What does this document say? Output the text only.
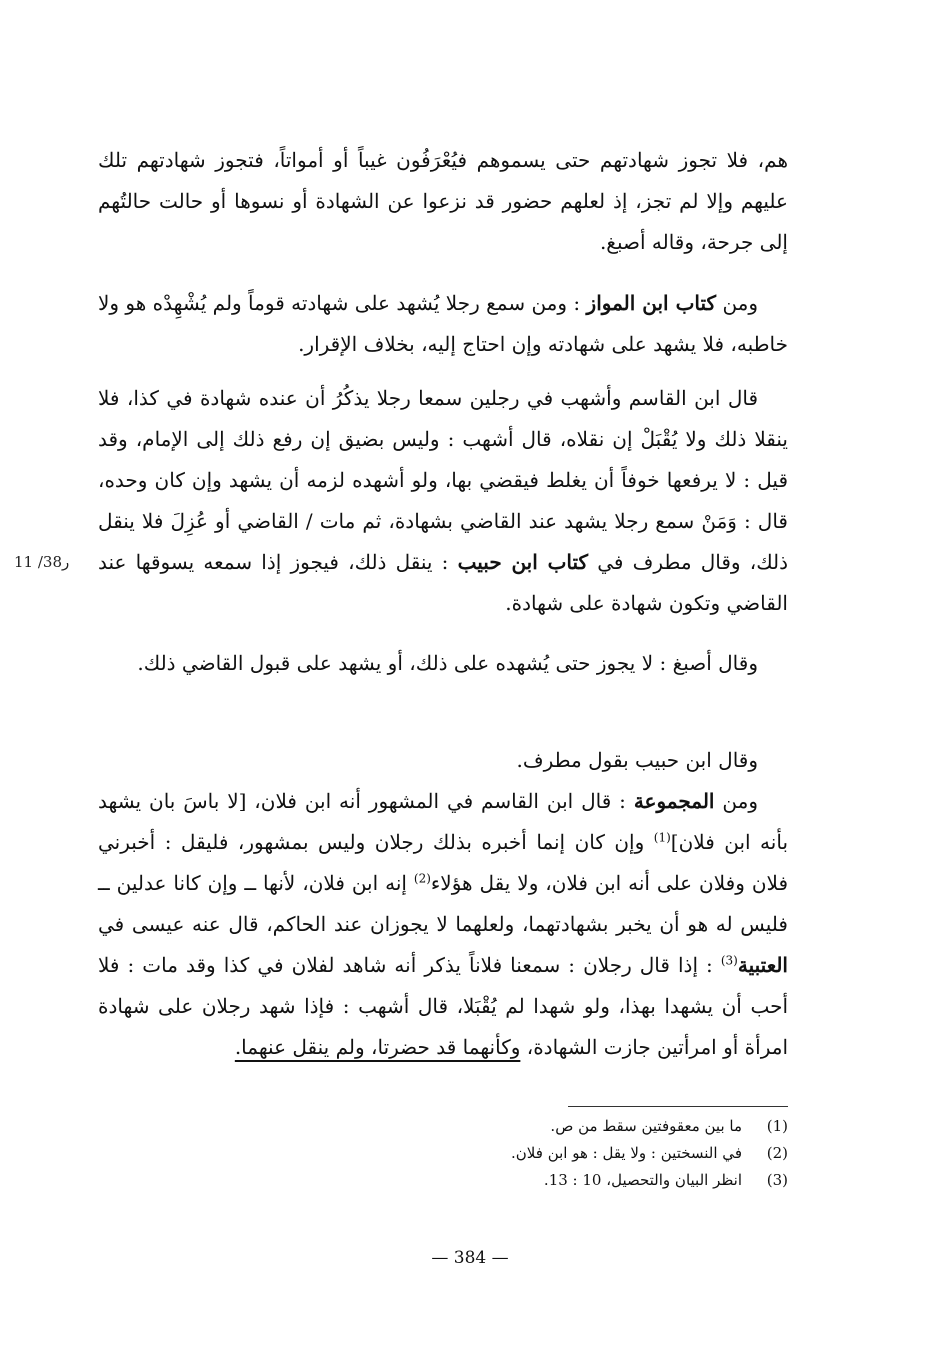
هم، فلا تجوز شهادتهم حتى يسموهم فيُعْرَفُون غيباً أو أمواتاً، فتجوز شهادتهم تلك عليهم وإلا لم تجز، إذ لعلهم حضور قد نزعوا عن الشهادة أو نسوها أو حالت حالتُهم إلى جرحة، وقاله أصبغ.

ومن كتاب ابن المواز : ومن سمع رجلا يُشهد على شهادته قوماً ولم يُشْهِدْه هو ولا خاطبه، فلا يشهد على شهادته وإن احتاج إليه، بخلاف الإقرار.

قال ابن القاسم وأشهب في رجلين سمعا رجلا يذكُرُ أن عنده شهادة في كذا، فلا ينقلا ذلك ولا يُقْبَلْ إن نقلاه، قال أشهب : وليس بضيق إن رفع ذلك إلى الإمام، وقد قيل : لا يرفعها خوفاً أن يغلط فيقضي بها، ولو أشهده لزمه أن يشهد وإن كان وحده، قال : وَمَنْ سمع رجلا يشهد عند القاضي بشهادة، ثم مات / القاضي أو عُزِلَ فلا ينقل ذلك، وقال مطرف في كتاب ابن حبيب : ينقل ذلك، فيجوز إذا سمعه يسوقها عند القاضي وتكون شهادة على شهادة.

وقال أصبغ : لا يجوز حتى يُشهده على ذلك، أو يشهد على قبول القاضي ذلك.

وقال ابن حبيب بقول مطرف.

ومن المجموعة : قال ابن القاسم في المشهور أنه ابن فلان، [لا باسَ بان يشهد بأنه ابن فلان]$^{(1)}$ وإن كان إنما أخبره بذلك رجلان وليس بمشهور، فليقل : أخبرني فلان وفلان على أنه ابن فلان، ولا يقل هؤلاء$^{(2)}$ إنه ابن فلان، لأنها ــ وإن كانا عدلين ــ فليس له هو أن يخبر بشهادتهما، ولعلهما لا يجوزان عند الحاكم، قال عنه عيسى في العتبية$^{(3)}$ : إذا قال رجلان : سمعنا فلاناً يذكر أنه شاهد لفلان في كذا وقد مات : فلا أحب أن يشهدا بهذا، ولو شهدا لم يُقْبَلا، قال أشهب : فإذا شهد رجلان على شهادة امرأة أو امرأتين جازت الشهادة، وكأنهما قد حضرتا، ولم ينقل عنهما.

ر38/ 11
(1)
ما بين معقوفتين سقط من ص.
(2)
في النسختين : ولا يقل : هو ابن فلان.
(3)
انظر البيان والتحصيل، 10 : 13.
— 384 —
